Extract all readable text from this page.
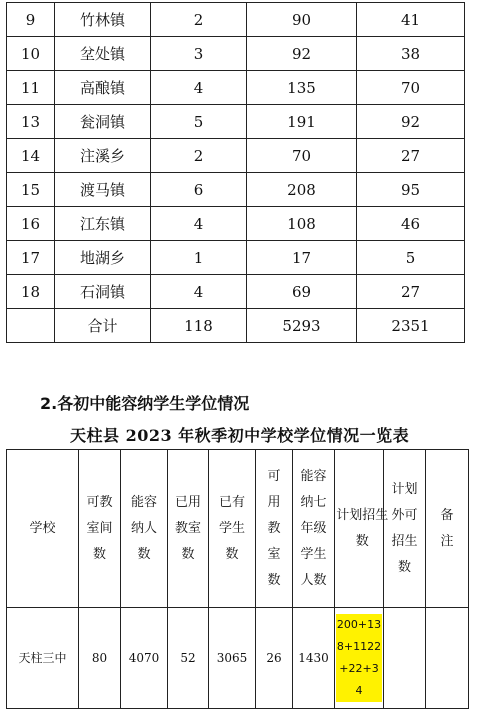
9	竹林镇	2	90	41
10	坌处镇	3	92	38
11	高酿镇	4	135	70
13	瓮洞镇	5	191	92
14	注溪乡	2	70	27
15	渡马镇	6	208	95
16	江东镇	4	108	46
17	地湖乡	1	17	5
18	石洞镇	4	69	27
	合计	118	5293	2351
2.各初中能容纳学生学位情况
天柱县 2023 年秋季初中学校学位情况一览表
学校	可教室间数	能容纳人数	已用教室数	已有学生数	可用教室数	能容纳七年级学生人数	计划招生数	计划外可招生数	备注
天柱三中	80	4070	52	3065	26	1430	200+138+1122+22+34		
